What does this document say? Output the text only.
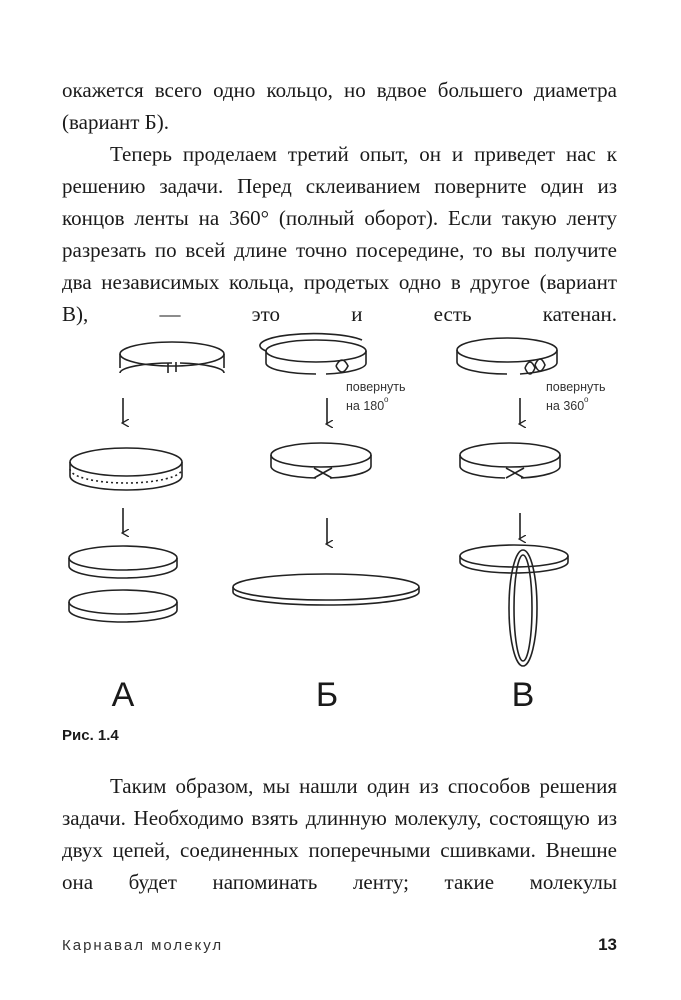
окажется всего одно кольцо, но вдвое большего диаметра (вариант Б).

Теперь проделаем третий опыт, он и приведет нас к решению задачи. Перед склеиванием поверните один из концов ленты на 360° (полный оборот). Если такую ленту разрезать по всей длине точно посередине, то вы получите два независимых кольца, продетых одно в другое (вариант В), — это и есть катенан.

повернуть
на 180 о
повернуть
на 360 о
А	Б	В
Рис. 1.4

Таким образом, мы нашли один из способов решения задачи. Необходимо взять длинную молекулу, состоящую из двух цепей, соединенных поперечными сшивками. Внешне она будет напоминать ленту; такие молекулы

Карнавал молекул	13
